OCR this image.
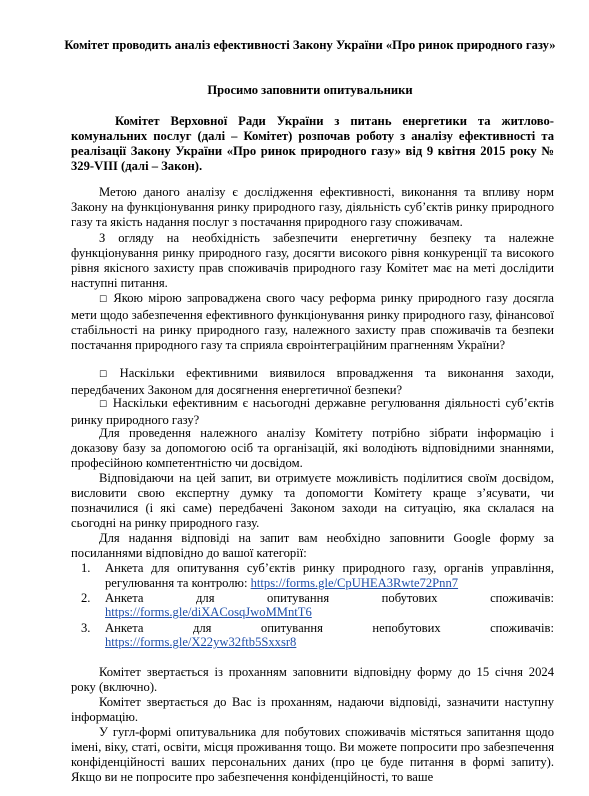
Комітет проводить аналіз ефективності Закону України «Про ринок природного газу»
Просимо заповнити опитувальники
Комітет Верховної Ради України з питань енергетики та житлово-комунальних послуг (далі – Комітет) розпочав роботу з аналізу ефективності та реалізації Закону України «Про ринок природного газу» від 9 квітня 2015 року № 329-VIII (далі – Закон).

Метою даного аналізу є дослідження ефективності, виконання та впливу норм Закону на функціонування ринку природного газу, діяльність суб’єктів ринку природного газу та якість надання послуг з постачання природного газу споживачам.

З огляду на необхідність забезпечити енергетичну безпеку та належне функціонування ринку природного газу, досягти високого рівня конкуренції та високого рівня якісного захисту прав споживачів природного газу Комітет має на меті дослідити наступні питання.

☐ Якою мірою запроваджена свого часу реформа ринку природного газу досягла мети щодо забезпечення ефективного функціонування ринку природного газу, фінансової стабільності на ринку природного газу, належного захисту прав споживачів та безпеки постачання природного газу та сприяла євроінтеграційним прагненням України?

☐ Наскільки ефективними виявилося впровадження та виконання заходи, передбачених Законом для досягнення енергетичної безпеки?

☐ Наскільки ефективним є насьогодні державне регулювання діяльності суб’єктів ринку природного газу?

Для проведення належного аналізу Комітету потрібно зібрати інформацію і доказову базу за допомогою осіб та організацій, які володіють відповідними знаннями, професійною компетентністю чи досвідом.

Відповідаючи на цей запит, ви отримуєте можливість поділитися своїм досвідом, висловити свою експертну думку та допомогти Комітету краще з’ясувати, чи позначилися (і які саме) передбачені Законом заходи на ситуацію, яка склалася на сьогодні на ринку природного газу.

Для надання відповіді на запит вам необхідно заповнити Google форму за посиланнями відповідно до вашої категорії:

1. Анкета для опитування суб’єктів ринку природного газу, органів управління, регулювання та контролю: https://forms.gle/CpUHEA3Rwte72Pnn7
2. Анкета для опитування побутових споживачів:
https://forms.gle/diXACosqJwoMMntT6
3. Анкета для опитування непобутових споживачів:
https://forms.gle/X22yw32ftb5Sxxsr8

Комітет звертається із проханням заповнити відповідну форму до 15 січня 2024 року (включно).

Комітет звертається до Вас із проханням, надаючи відповіді, зазначити наступну інформацію.

У гугл-формі опитувальника для побутових споживачів містяться запитання щодо імені, віку, статі, освіти, місця проживання тощо. Ви можете попросити про забезпечення конфіденційності ваших персональних даних (про це буде питання в формі запиту). Якщо ви не попросите про забезпечення конфіденційності, то ваше
